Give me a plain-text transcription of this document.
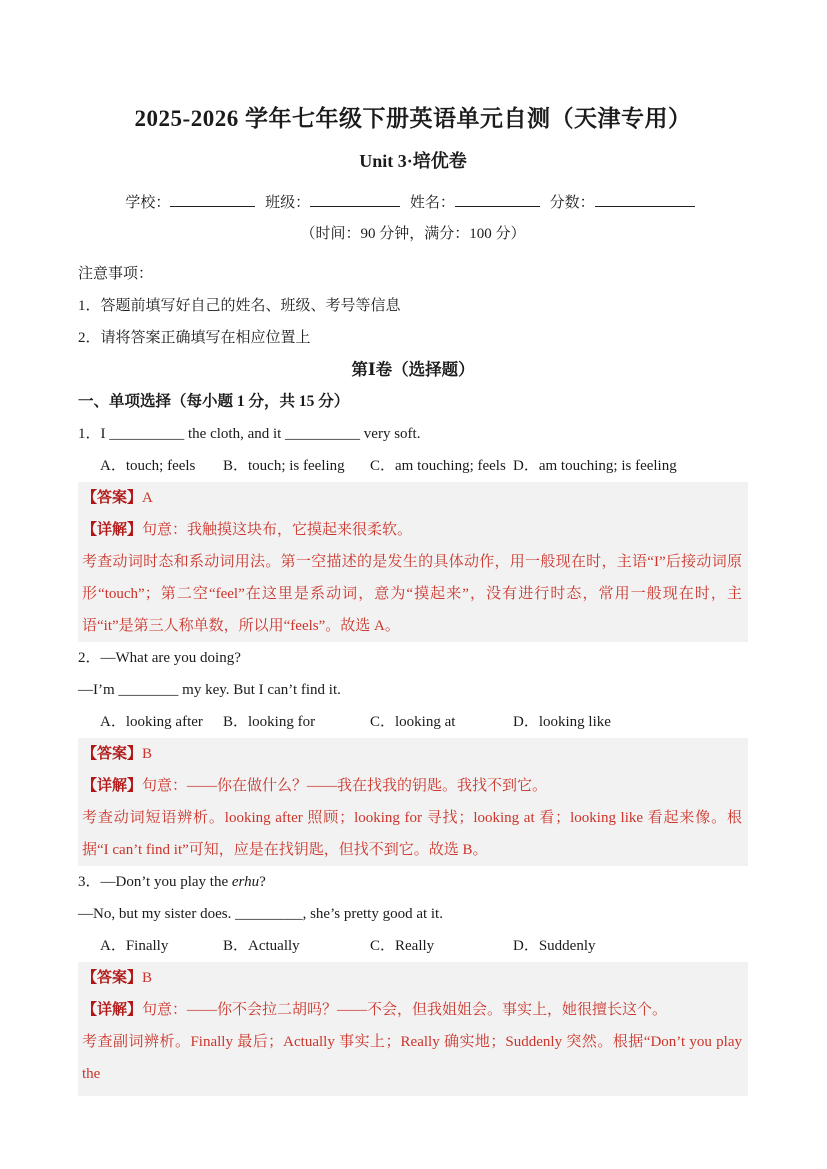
2025-2026 学年七年级下册英语单元自测（天津专用）
Unit 3·培优卷
学校：	班级：	姓名：	分数：
（时间：90 分钟，满分：100 分）
注意事项：
1．答题前填写好自己的姓名、班级、考号等信息
2．请将答案正确填写在相应位置上
第Ⅰ卷（选择题）
一、单项选择（每小题 1 分，共 15 分）
1．I __________ the cloth, and it __________ very soft.
A．touch; feels	B．touch; is feeling	C．am touching; feels D．am touching; is feeling
【答案】A
【详解】句意：我触摸这块布，它摸起来很柔软。
考查动词时态和系动词用法。第一空描述的是发生的具体动作，用一般现在时，主语“I”后接动词原形“touch”；第二空“feel”在这里是系动词，意为“摸起来”，没有进行时态，常用一般现在时，主语“it”是第三人称单数，所以用“feels”。故选 A。
2．—What are you doing?
—I’m ________ my key. But I can’t find it.
A．looking after	B．looking for	C．looking at	D．looking like
【答案】B
【详解】句意：——你在做什么？——我在找我的钥匙。我找不到它。
考查动词短语辨析。looking after 照顾；looking for 寻找；looking at 看；looking like 看起来像。根据“I can’t find it”可知，应是在找钥匙，但找不到它。故选 B。
3．—Don’t you play the erhu?
—No, but my sister does. _________, she’s pretty good at it.
A．Finally	B．Actually	C．Really	D．Suddenly
【答案】B
【详解】句意：——你不会拉二胡吗？——不会，但我姐姐会。事实上，她很擅长这个。
考查副词辨析。Finally 最后；Actually 事实上；Really 确实地；Suddenly 突然。根据“Don’t you play the
